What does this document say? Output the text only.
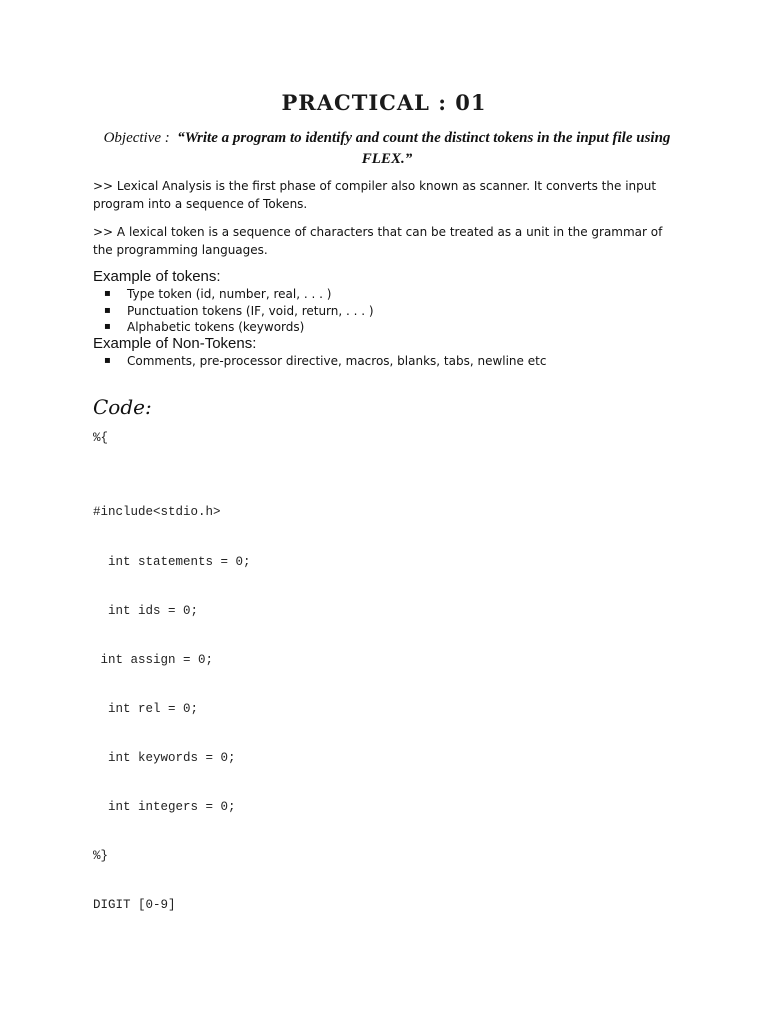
PRACTICAL : 01
Objective : “Write a program to identify and count the distinct tokens in the input file using FLEX.”
>> Lexical Analysis is the first phase of compiler also known as scanner. It converts the input program into a sequence of Tokens.
>> A lexical token is a sequence of characters that can be treated as a unit in the grammar of the programming languages.
Example of tokens:
▪ Type token (id, number, real, . . . )
▪ Punctuation tokens (IF, void, return, . . . )
▪ Alphabetic tokens (keywords)
Example of Non-Tokens:
▪ Comments, pre-processor directive, macros, blanks, tabs, newline etc
Code:
%{
#include<stdio.h>
int statements = 0;
int ids = 0;
int assign = 0;
int rel = 0;
int keywords = 0;
int integers = 0;
%}
DIGIT [0-9]
